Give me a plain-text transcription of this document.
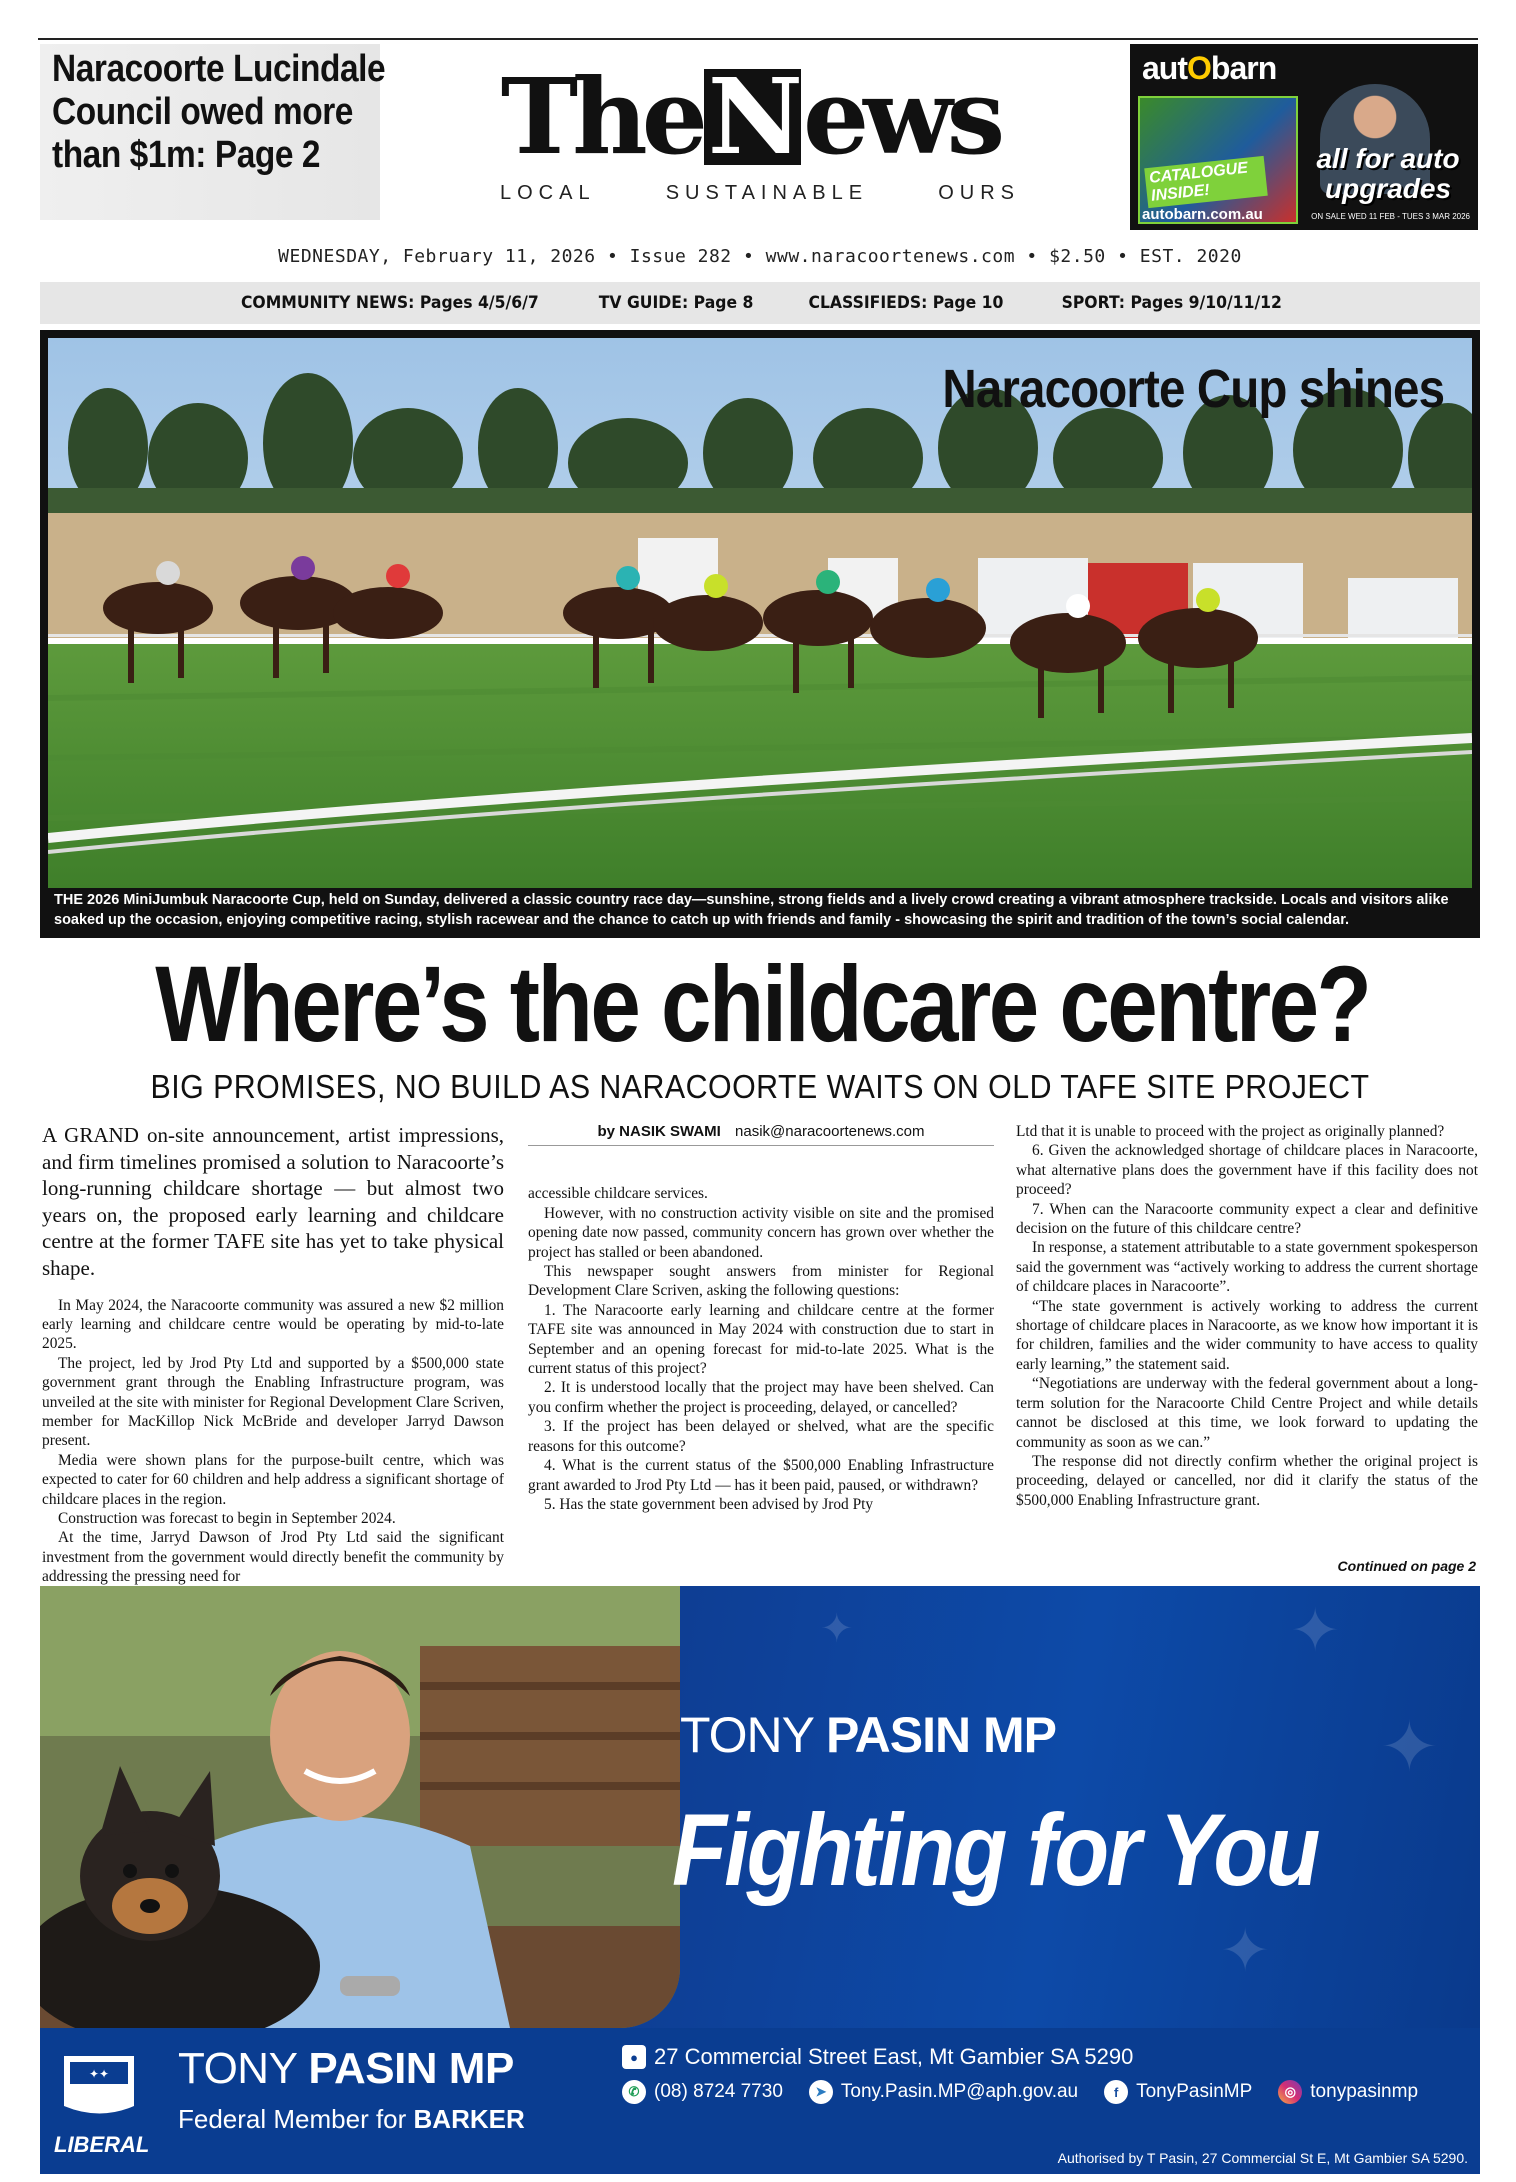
Naracoorte Lucindale Council owed more than $1m: Page 2	The N ews
LOCAL	SUSTAINABLE	OURS
autObarn
CATALOGUE INSIDE!
all for auto upgrades
autobarn.com.au	ON SALE WED 11 FEB - TUES 3 MAR 2026
WEDNESDAY, February 11, 2026 • Issue 282 • www.naracoortenews.com • $2.50 • EST. 2020
COMMUNITY NEWS: Pages 4/5/6/7	TV GUIDE: Page 8	CLASSIFIEDS: Page 10	SPORT: Pages 9/10/11/12
Naracoorte Cup shines
THE 2026 MiniJumbuk Naracoorte Cup, held on Sunday, delivered a classic country race day—sunshine, strong fields and a lively crowd creating a vibrant atmosphere trackside. Locals and visitors alike soaked up the occasion, enjoying competitive racing, stylish racewear and the chance to catch up with friends and family - showcasing the spirit and tradition of the town’s social calendar.
Where’s the childcare centre?
BIG PROMISES, NO BUILD AS NARACOORTE WAITS ON OLD TAFE SITE PROJECT

A GRAND on-site announcement, artist impressions, and firm timelines promised a solution to Naracoorte’s long-running childcare shortage — but almost two years on, the proposed early learning and childcare centre at the former TAFE site has yet to take physical shape.

In May 2024, the Naracoorte community was assured a new $2 million early learning and childcare centre would be operating by mid-to-late 2025.

The project, led by Jrod Pty Ltd and supported by a $500,000 state government grant through the Enabling Infrastructure program, was unveiled at the site with minister for Regional Development Clare Scriven, member for MacKillop Nick McBride and developer Jarryd Dawson present.

Media were shown plans for the purpose-built centre, which was expected to cater for 60 children and help address a significant shortage of childcare places in the region.

Construction was forecast to begin in September 2024.

At the time, Jarryd Dawson of Jrod Pty Ltd said the significant investment from the government would directly benefit the community by addressing the pressing need for

by NASIK SWAMI nasik@naracoortenews.com
accessible childcare services.

However, with no construction activity visible on site and the promised opening date now passed, community concern has grown over whether the project has stalled or been abandoned.

This newspaper sought answers from minister for Regional Development Clare Scriven, asking the following questions:

1. The Naracoorte early learning and childcare centre at the former TAFE site was announced in May 2024 with construction due to start in September and an opening forecast for mid-to-late 2025. What is the current status of this project?

2. It is understood locally that the project may have been shelved. Can you confirm whether the project is proceeding, delayed, or cancelled?

3. If the project has been delayed or shelved, what are the specific reasons for this outcome?

4. What is the current status of the $500,000 Enabling Infrastructure grant awarded to Jrod Pty Ltd — has it been paid, paused, or withdrawn?

5. Has the state government been advised by Jrod Pty

Ltd that it is unable to proceed with the project as originally planned?

6. Given the acknowledged shortage of childcare places in Naracoorte, what alternative plans does the government have if this facility does not proceed?

7. When can the Naracoorte community expect a clear and definitive decision on the future of this childcare centre?

In response, a statement attributable to a state government spokesperson said the government was “actively working to address the current shortage of childcare places in Naracoorte”.

“The state government is actively working to address the current shortage of childcare places in Naracoorte, as we know how important it is for children, families and the wider community to have access to quality early learning,” the statement said.

“Negotiations are underway with the federal government about a long-term solution for the Naracoorte Child Centre Project and while details cannot be disclosed at this time, we look forward to updating the community as soon as we can.”

The response did not directly confirm whether the original project is proceeding, delayed or cancelled, nor did it clarify the status of the $500,000 Enabling Infrastructure grant.

Continued on page 2
✦
✦
✦
✦
TONY PASIN MP
Fighting for You
✦✦
LIBERAL
TONY PASIN MP
Federal Member for BARKER
● 27 Commercial Street East, Mt Gambier SA 5290
✆ (08) 8724 7730	➤ Tony.Pasin.MP@aph.gov.au	f TonyPasinMP	◎ tonypasinmp
Authorised by T Pasin, 27 Commercial St E, Mt Gambier SA 5290.
